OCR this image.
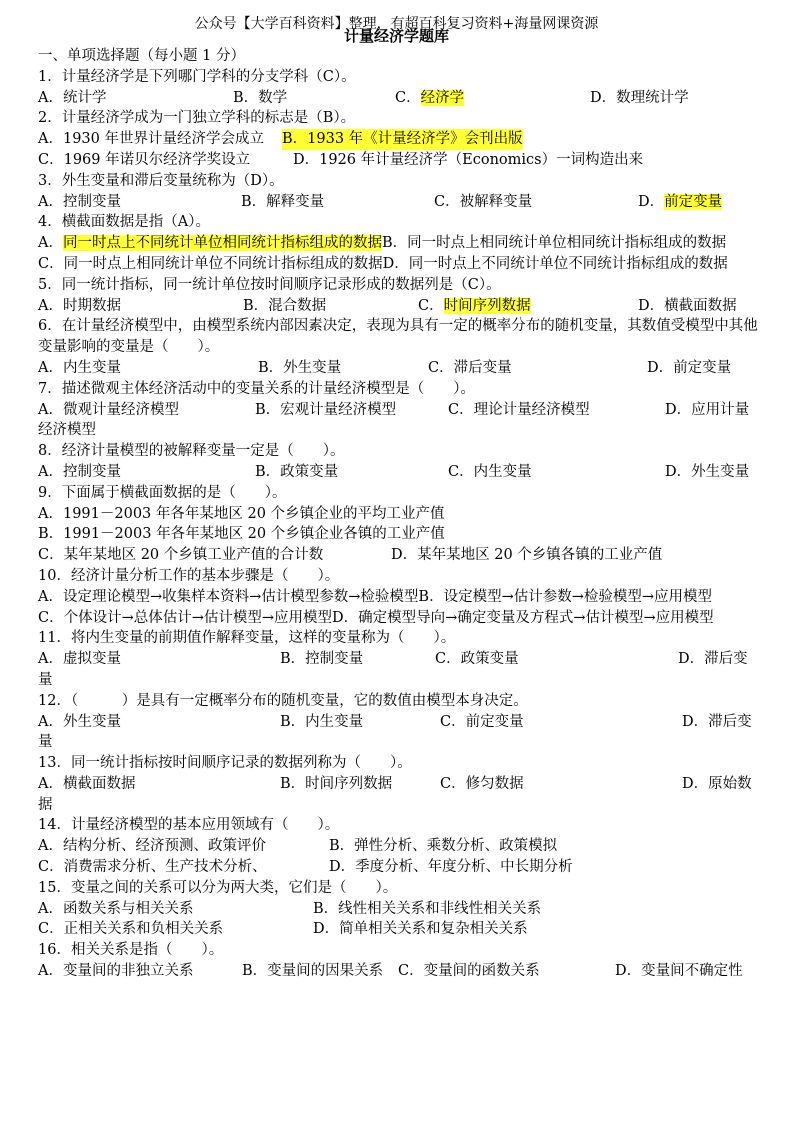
公众号【大学百科资料】整理，有超百科复习资料+海量网课资源
计量经济学题库
一、单项选择题（每小题 1 分）
1．计量经济学是下列哪门学科的分支学科（C）。
A．统计学	B．数学	C．经济学	D．数理统计学
2．计量经济学成为一门独立学科的标志是（B）。
A．1930 年世界计量经济学会成立	B．1933 年《计量经济学》会刊出版
C．1969 年诺贝尔经济学奖设立	D．1926 年计量经济学（Economics）一词构造出来
3．外生变量和滞后变量统称为（D）。
A．控制变量	B．解释变量	C．被解释变量	D．前定变量
4．横截面数据是指（A）。
A．同一时点上不同统计单位相同统计指标组成的数据B．同一时点上相同统计单位相同统计指标组成的数据
C．同一时点上相同统计单位不同统计指标组成的数据D．同一时点上不同统计单位不同统计指标组成的数据
5．同一统计指标，同一统计单位按时间顺序记录形成的数据列是（C）。
A．时期数据	B．混合数据	C．时间序列数据	D．横截面数据
6．在计量经济模型中，由模型系统内部因素决定，表现为具有一定的概率分布的随机变量，其数值受模型中其他变量影响的变量是（　　）。
A．内生变量	B．外生变量	C．滞后变量	D．前定变量
7．描述微观主体经济活动中的变量关系的计量经济模型是（　　）。
A．微观计量经济模型	B．宏观计量经济模型	C．理论计量经济模型	D．应用计量经济模型
8．经济计量模型的被解释变量一定是（　　）。
A．控制变量	B．政策变量	C．内生变量	D．外生变量
9．下面属于横截面数据的是（　　）。
A．1991－2003 年各年某地区 20 个乡镇企业的平均工业产值
B．1991－2003 年各年某地区 20 个乡镇企业各镇的工业产值
C．某年某地区 20 个乡镇工业产值的合计数	D．某年某地区 20 个乡镇各镇的工业产值
10．经济计量分析工作的基本步骤是（　　）。
A．设定理论模型→收集样本资料→估计模型参数→检验模型B．设定模型→估计参数→检验模型→应用模型
C．个体设计→总体估计→估计模型→应用模型D．确定模型导向→确定变量及方程式→估计模型→应用模型
11．将内生变量的前期值作解释变量，这样的变量称为（　　）。
A．虚拟变量	B．控制变量	C．政策变量	D．滞后变量
12．（　　　）是具有一定概率分布的随机变量，它的数值由模型本身决定。
A．外生变量	B．内生变量	C．前定变量	D．滞后变量
13．同一统计指标按时间顺序记录的数据列称为（　　）。
A．横截面数据	B．时间序列数据	C．修匀数据	D．原始数据
14．计量经济模型的基本应用领域有（　　）。
A．结构分析、经济预测、政策评价	B．弹性分析、乘数分析、政策模拟
C．消费需求分析、生产技术分析、	D．季度分析、年度分析、中长期分析
15．变量之间的关系可以分为两大类，它们是（　　）。
A．函数关系与相关关系	B．线性相关关系和非线性相关关系
C．正相关关系和负相关关系	D．简单相关关系和复杂相关关系
16．相关关系是指（　　）。
A．变量间的非独立关系	B．变量间的因果关系	C．变量间的函数关系	D．变量间不确定性
